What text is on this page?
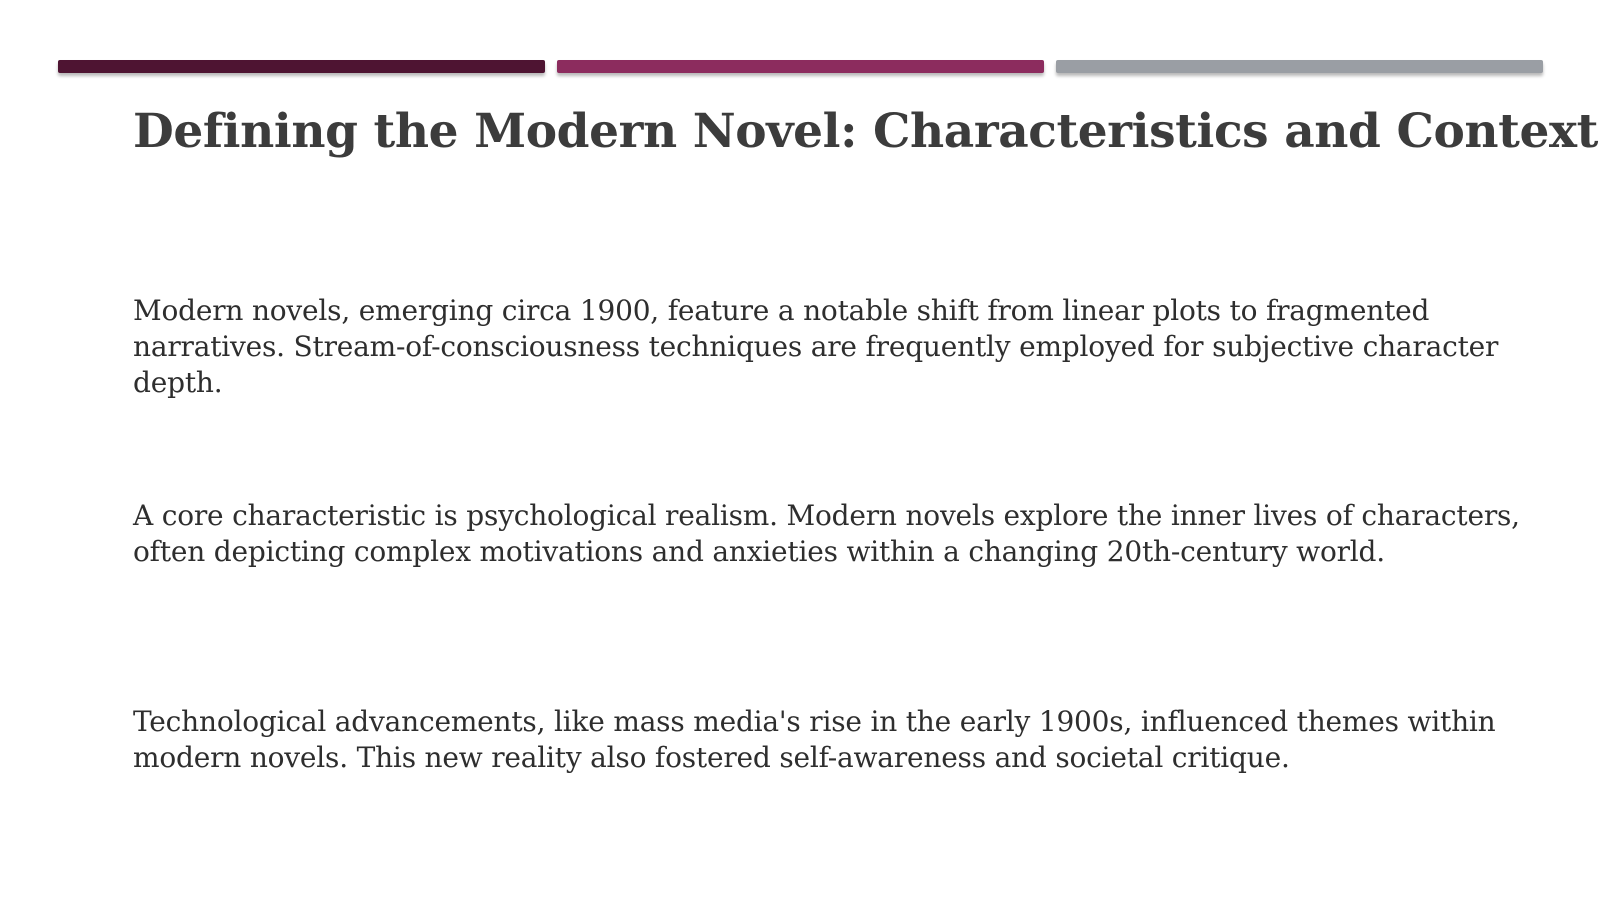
Defining the Modern Novel: Characteristics and Context

Modern novels, emerging circa 1900, feature a notable shift from linear plots to fragmented narratives. Stream-of-consciousness techniques are frequently employed for subjective character depth.

A core characteristic is psychological realism. Modern novels explore the inner lives of characters, often depicting complex motivations and anxieties within a changing 20th-century world.

Technological advancements, like mass media's rise in the early 1900s, influenced themes within modern novels. This new reality also fostered self-awareness and societal critique.
